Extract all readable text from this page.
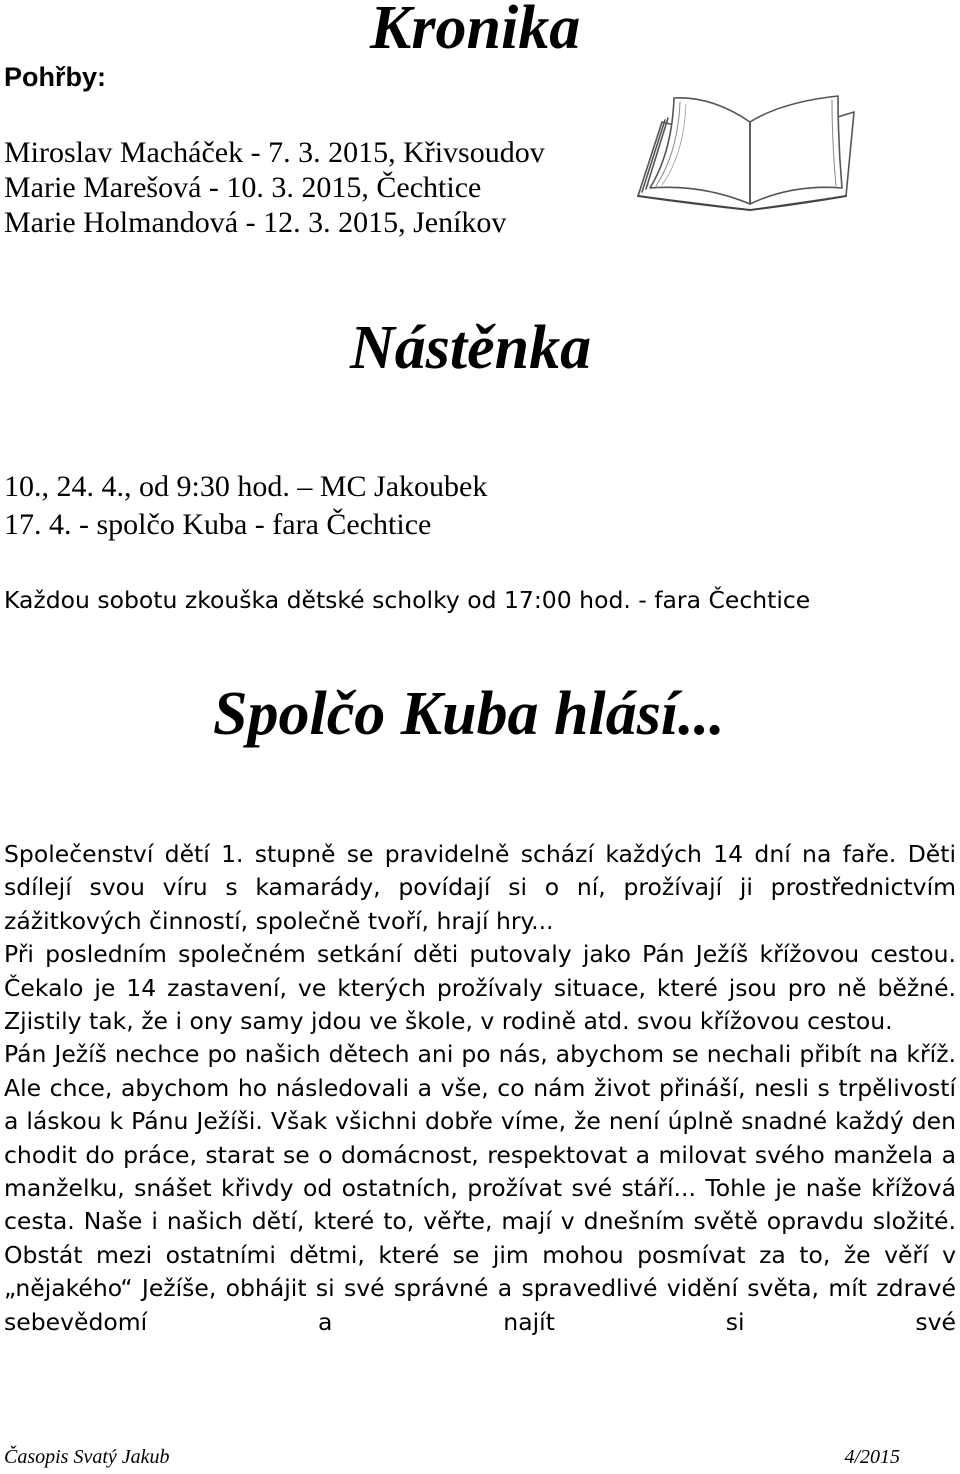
Pohřby:
Miroslav Macháček - 7. 3. 2015, Křivsoudov
Marie Marešová - 10. 3. 2015, Čechtice
Marie Holmandová - 12. 3. 2015, Jeníkov
Kronika
Nástěnka
10., 24. 4., od 9:30 hod. – MC Jakoubek
17. 4. - spolčo Kuba - fara Čechtice
Každou sobotu zkouška dětské scholky od 17:00 hod. - fara Čechtice
Spolčo Kuba hlásí...

Společenství dětí 1. stupně se pravidelně schází každých 14 dní na faře. Děti sdílejí svou víru s kamarády, povídají si o ní, prožívají ji prostřednictvím zážitkových činností, společně tvoří, hrají hry...

Při posledním společném setkání děti putovaly jako Pán Ježíš křížovou cestou. Čekalo je 14 zastavení, ve kterých prožívaly situace, které jsou pro ně běžné. Zjistily tak, že i ony samy jdou ve škole, v rodině atd. svou křížovou cestou.

Pán Ježíš nechce po našich dětech ani po nás, abychom se nechali přibít na kříž. Ale chce, abychom ho následovali a vše, co nám život přináší, nesli s trpělivostí a láskou k Pánu Ježíši. Však všichni dobře víme, že není úplně snadné každý den chodit do práce, starat se o domácnost, respektovat a milovat svého manžela a manželku, snášet křivdy od ostatních, prožívat své stáří... Tohle je naše křížová cesta. Naše i našich dětí, které to, věřte, mají v dnešním světě opravdu složité. Obstát mezi ostatními dětmi, které se jim mohou posmívat za to, že věří v „nějakého“ Ježíše, obhájit si své správné a spravedlivé vidění světa, mít zdravé sebevědomí a najít si své

Časopis Svatý Jakub	4/2015
